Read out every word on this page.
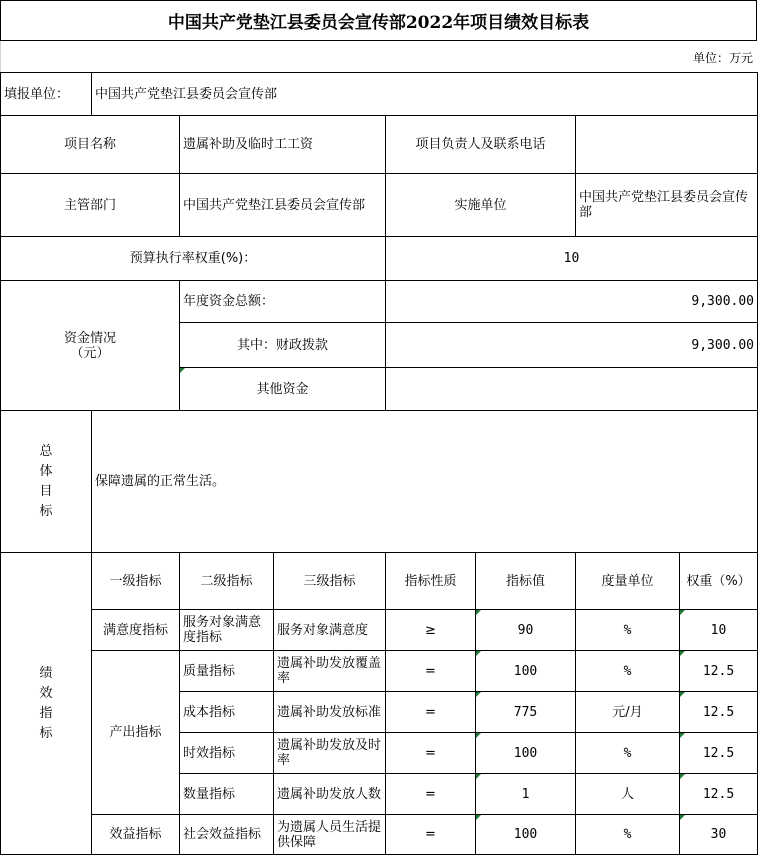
中国共产党垫江县委员会宣传部2022年项目绩效目标表
单位：万元
填报单位：	中国共产党垫江县委员会宣传部						
项目名称		遗属补助及临时工工资		项目负责人及联系电话			
主管部门		中国共产党垫江县委员会宣传部		实施单位		中国共产党垫江县委员会宣传部	
预算执行率权重(%)：				10			

资金情况（元）		年度资金总额：		9,300.00			
		其中：财政拨款		9,300.00			
		其他资金					

总
体
目
标	保障遗属的正常生活。						

绩
效
指
标	一级指标	二级指标	三级指标	指标性质	指标值	度量单位	权重（%）
	满意度指标	服务对象满意度指标	服务对象满意度	≥	90	%	10
	产出指标	质量指标	遗属补助发放覆盖率	=	100	%	12.5
		成本指标	遗属补助发放标准	=	775	元/月	12.5
		时效指标	遗属补助发放及时率	=	100	%	12.5
		数量指标	遗属补助发放人数	=	1	人	12.5
	效益指标	社会效益指标	为遗属人员生活提供保障	=	100	%	30
